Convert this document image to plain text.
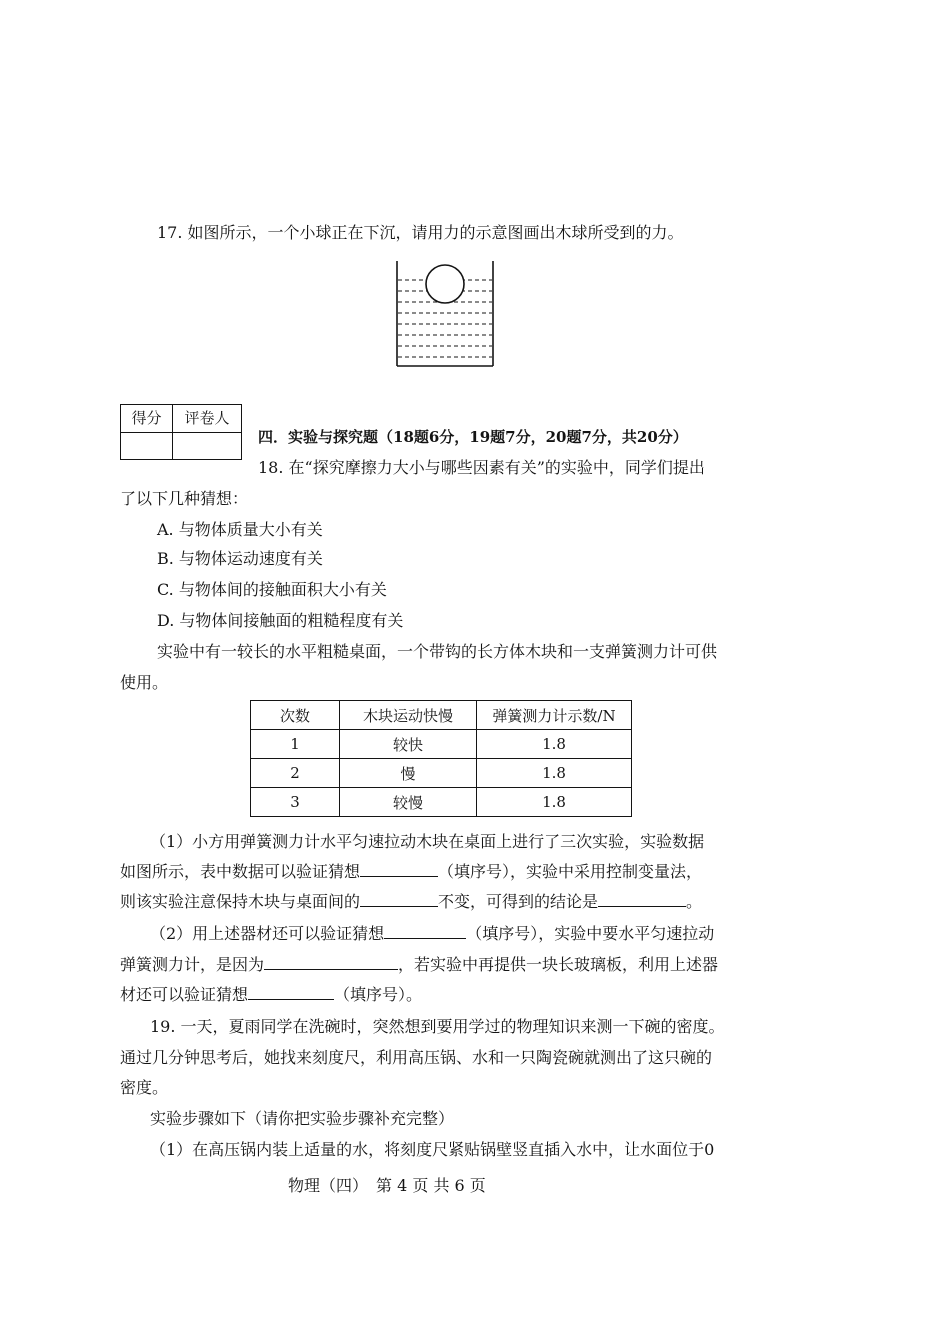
17. 如图所示，一个小球正在下沉，请用力的示意图画出木球所受到的力。
得分	评卷人
四．实验与探究题（18题6分，19题7分，20题7分，共20分）
18. 在“探究摩擦力大小与哪些因素有关”的实验中，同学们提出
了以下几种猜想：
A. 与物体质量大小有关
B. 与物体运动速度有关
C. 与物体间的接触面积大小有关
D. 与物体间接触面的粗糙程度有关
实验中有一较长的水平粗糙桌面，一个带钩的长方体木块和一支弹簧测力计可供
使用。
次数	木块运动快慢	弹簧测力计示数/N
1	较快	1.8
2	慢	1.8
3	较慢	1.8
（1）小方用弹簧测力计水平匀速拉动木块在桌面上进行了三次实验，实验数据
如图所示，表中数据可以验证猜想	（填序号），实验中采用控制变量法，
则该实验注意保持木块与桌面间的	不变，可得到的结论是	。
（2）用上述器材还可以验证猜想	（填序号），实验中要水平匀速拉动
弹簧测力计，是因为	，若实验中再提供一块长玻璃板，利用上述器
材还可以验证猜想	（填序号）。
19. 一天，夏雨同学在洗碗时，突然想到要用学过的物理知识来测一下碗的密度。
通过几分钟思考后，她找来刻度尺，利用高压锅、水和一只陶瓷碗就测出了这只碗的
密度。
实验步骤如下（请你把实验步骤补充完整）
（1）在高压锅内装上适量的水，将刻度尺紧贴锅壁竖直插入水中，让水面位于0
物理（四）　第 4 页 共 6 页
